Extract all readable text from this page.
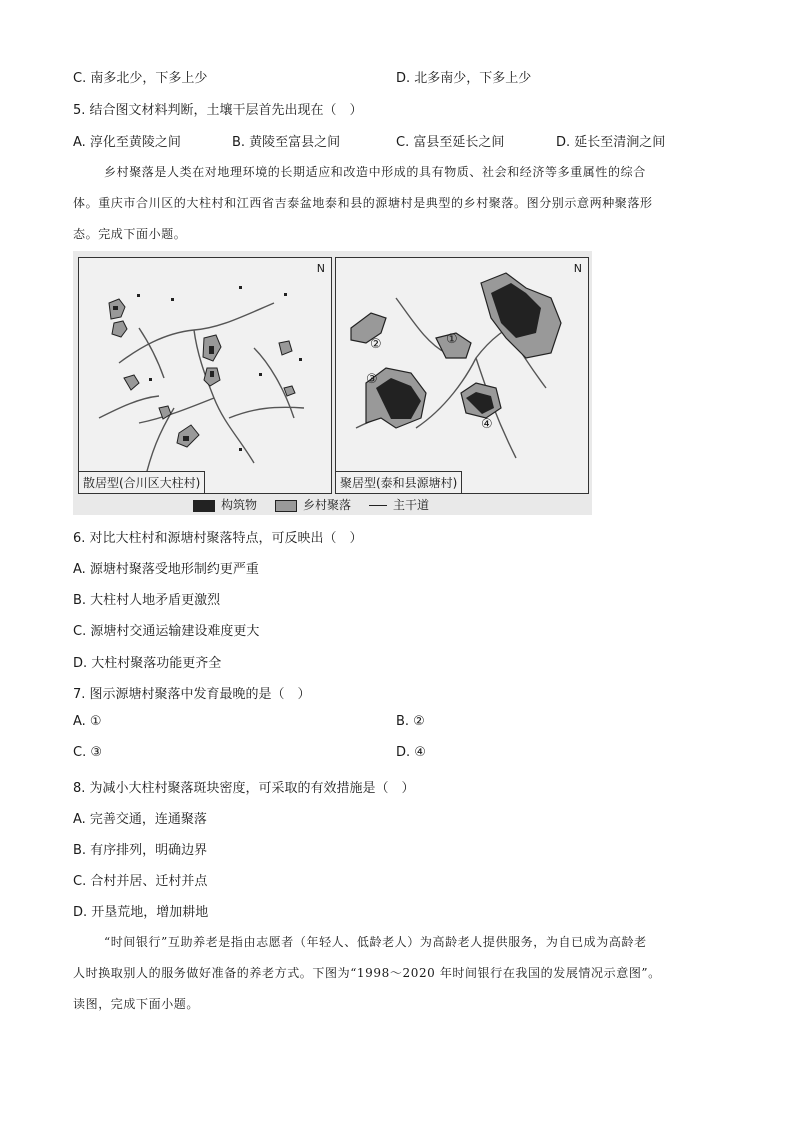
C. 南多北少，下多上少	D. 北多南少，下多上少
5. 结合图文材料判断，土壤干层首先出现在（　）
A. 淳化至黄陵之间	B. 黄陵至富县之间	C. 富县至延长之间	D. 延长至清涧之间
乡村聚落是人类在对地理环境的长期适应和改造中形成的具有物质、社会和经济等多重属性的综合
体。重庆市合川区的大柱村和江西省吉泰盆地泰和县的源塘村是典型的乡村聚落。图分别示意两种聚落形
态。完成下面小题。
N
散居型(合川区大柱村)
①
②
③
④
N
聚居型(泰和县源塘村)
构筑物	乡村聚落	主干道
6. 对比大柱村和源塘村聚落特点，可反映出（　）
A. 源塘村聚落受地形制约更严重
B. 大柱村人地矛盾更激烈
C. 源塘村交通运输建设难度更大
D. 大柱村聚落功能更齐全
7. 图示源塘村聚落中发育最晚的是（　）
A. ①	B. ②
C. ③	D. ④
8. 为减小大柱村聚落斑块密度，可采取的有效措施是（　）
A. 完善交通，连通聚落
B. 有序排列，明确边界
C. 合村并居、迁村并点
D. 开垦荒地，增加耕地
“时间银行”互助养老是指由志愿者（年轻人、低龄老人）为高龄老人提供服务，为自已成为高龄老
人时换取别人的服务做好准备的养老方式。下图为“1998～2020 年时间银行在我国的发展情况示意图”。
读图，完成下面小题。
